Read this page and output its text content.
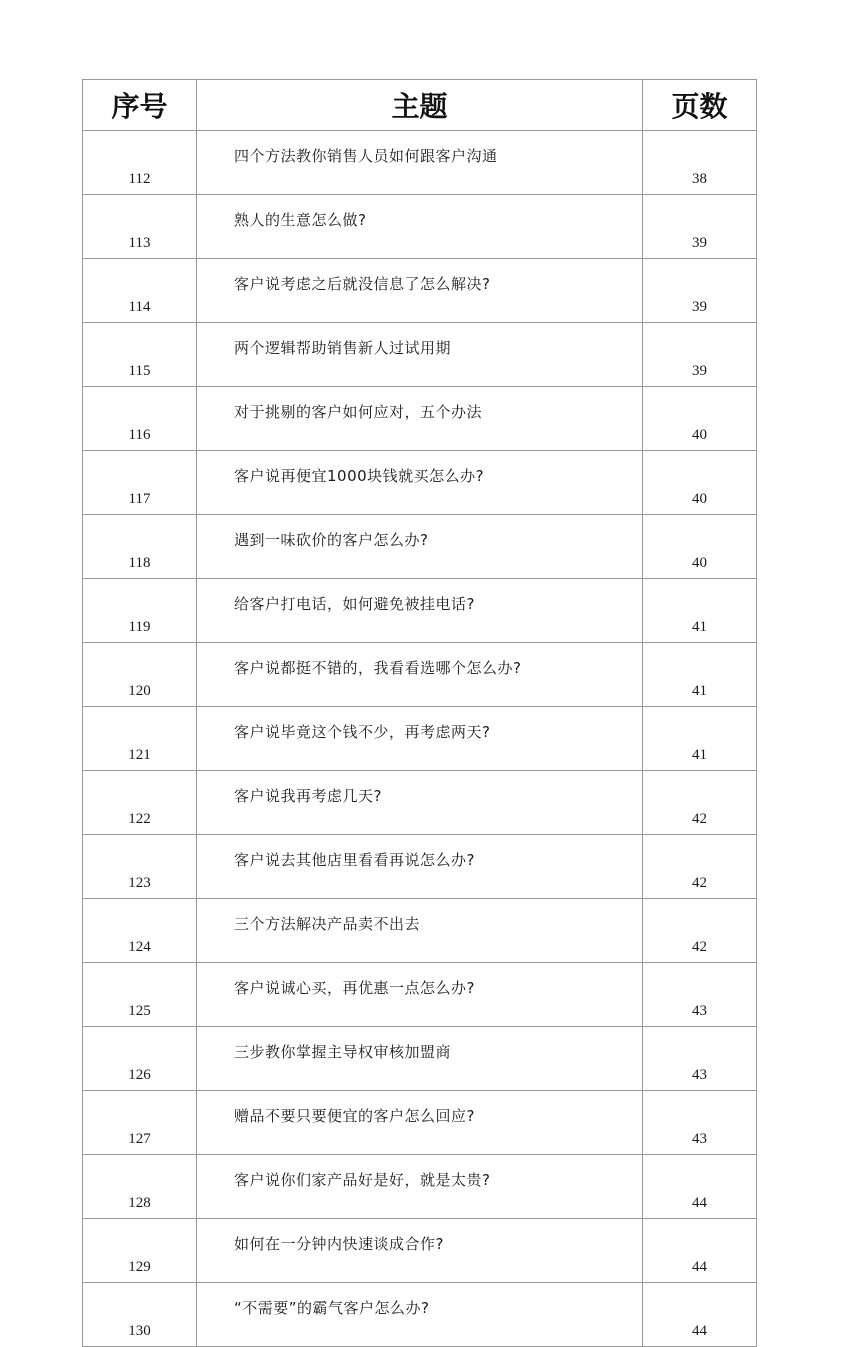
序号	主题	页数
112	四个方法教你销售人员如何跟客户沟通	38
113	熟人的生意怎么做?	39
114	客户说考虑之后就没信息了怎么解决?	39
115	两个逻辑帮助销售新人过试用期	39
116	对于挑剔的客户如何应对，五个办法	40
117	客户说再便宜1000块钱就买怎么办?	40
118	遇到一味砍价的客户怎么办?	40
119	给客户打电话，如何避免被挂电话?	41
120	客户说都挺不错的，我看看选哪个怎么办?	41
121	客户说毕竟这个钱不少，再考虑两天?	41
122	客户说我再考虑几天?	42
123	客户说去其他店里看看再说怎么办?	42
124	三个方法解决产品卖不出去	42
125	客户说诚心买，再优惠一点怎么办?	43
126	三步教你掌握主导权审核加盟商	43
127	赠品不要只要便宜的客户怎么回应?	43
128	客户说你们家产品好是好，就是太贵?	44
129	如何在一分钟内快速谈成合作?	44
130	“不需要”的霸气客户怎么办?	44
